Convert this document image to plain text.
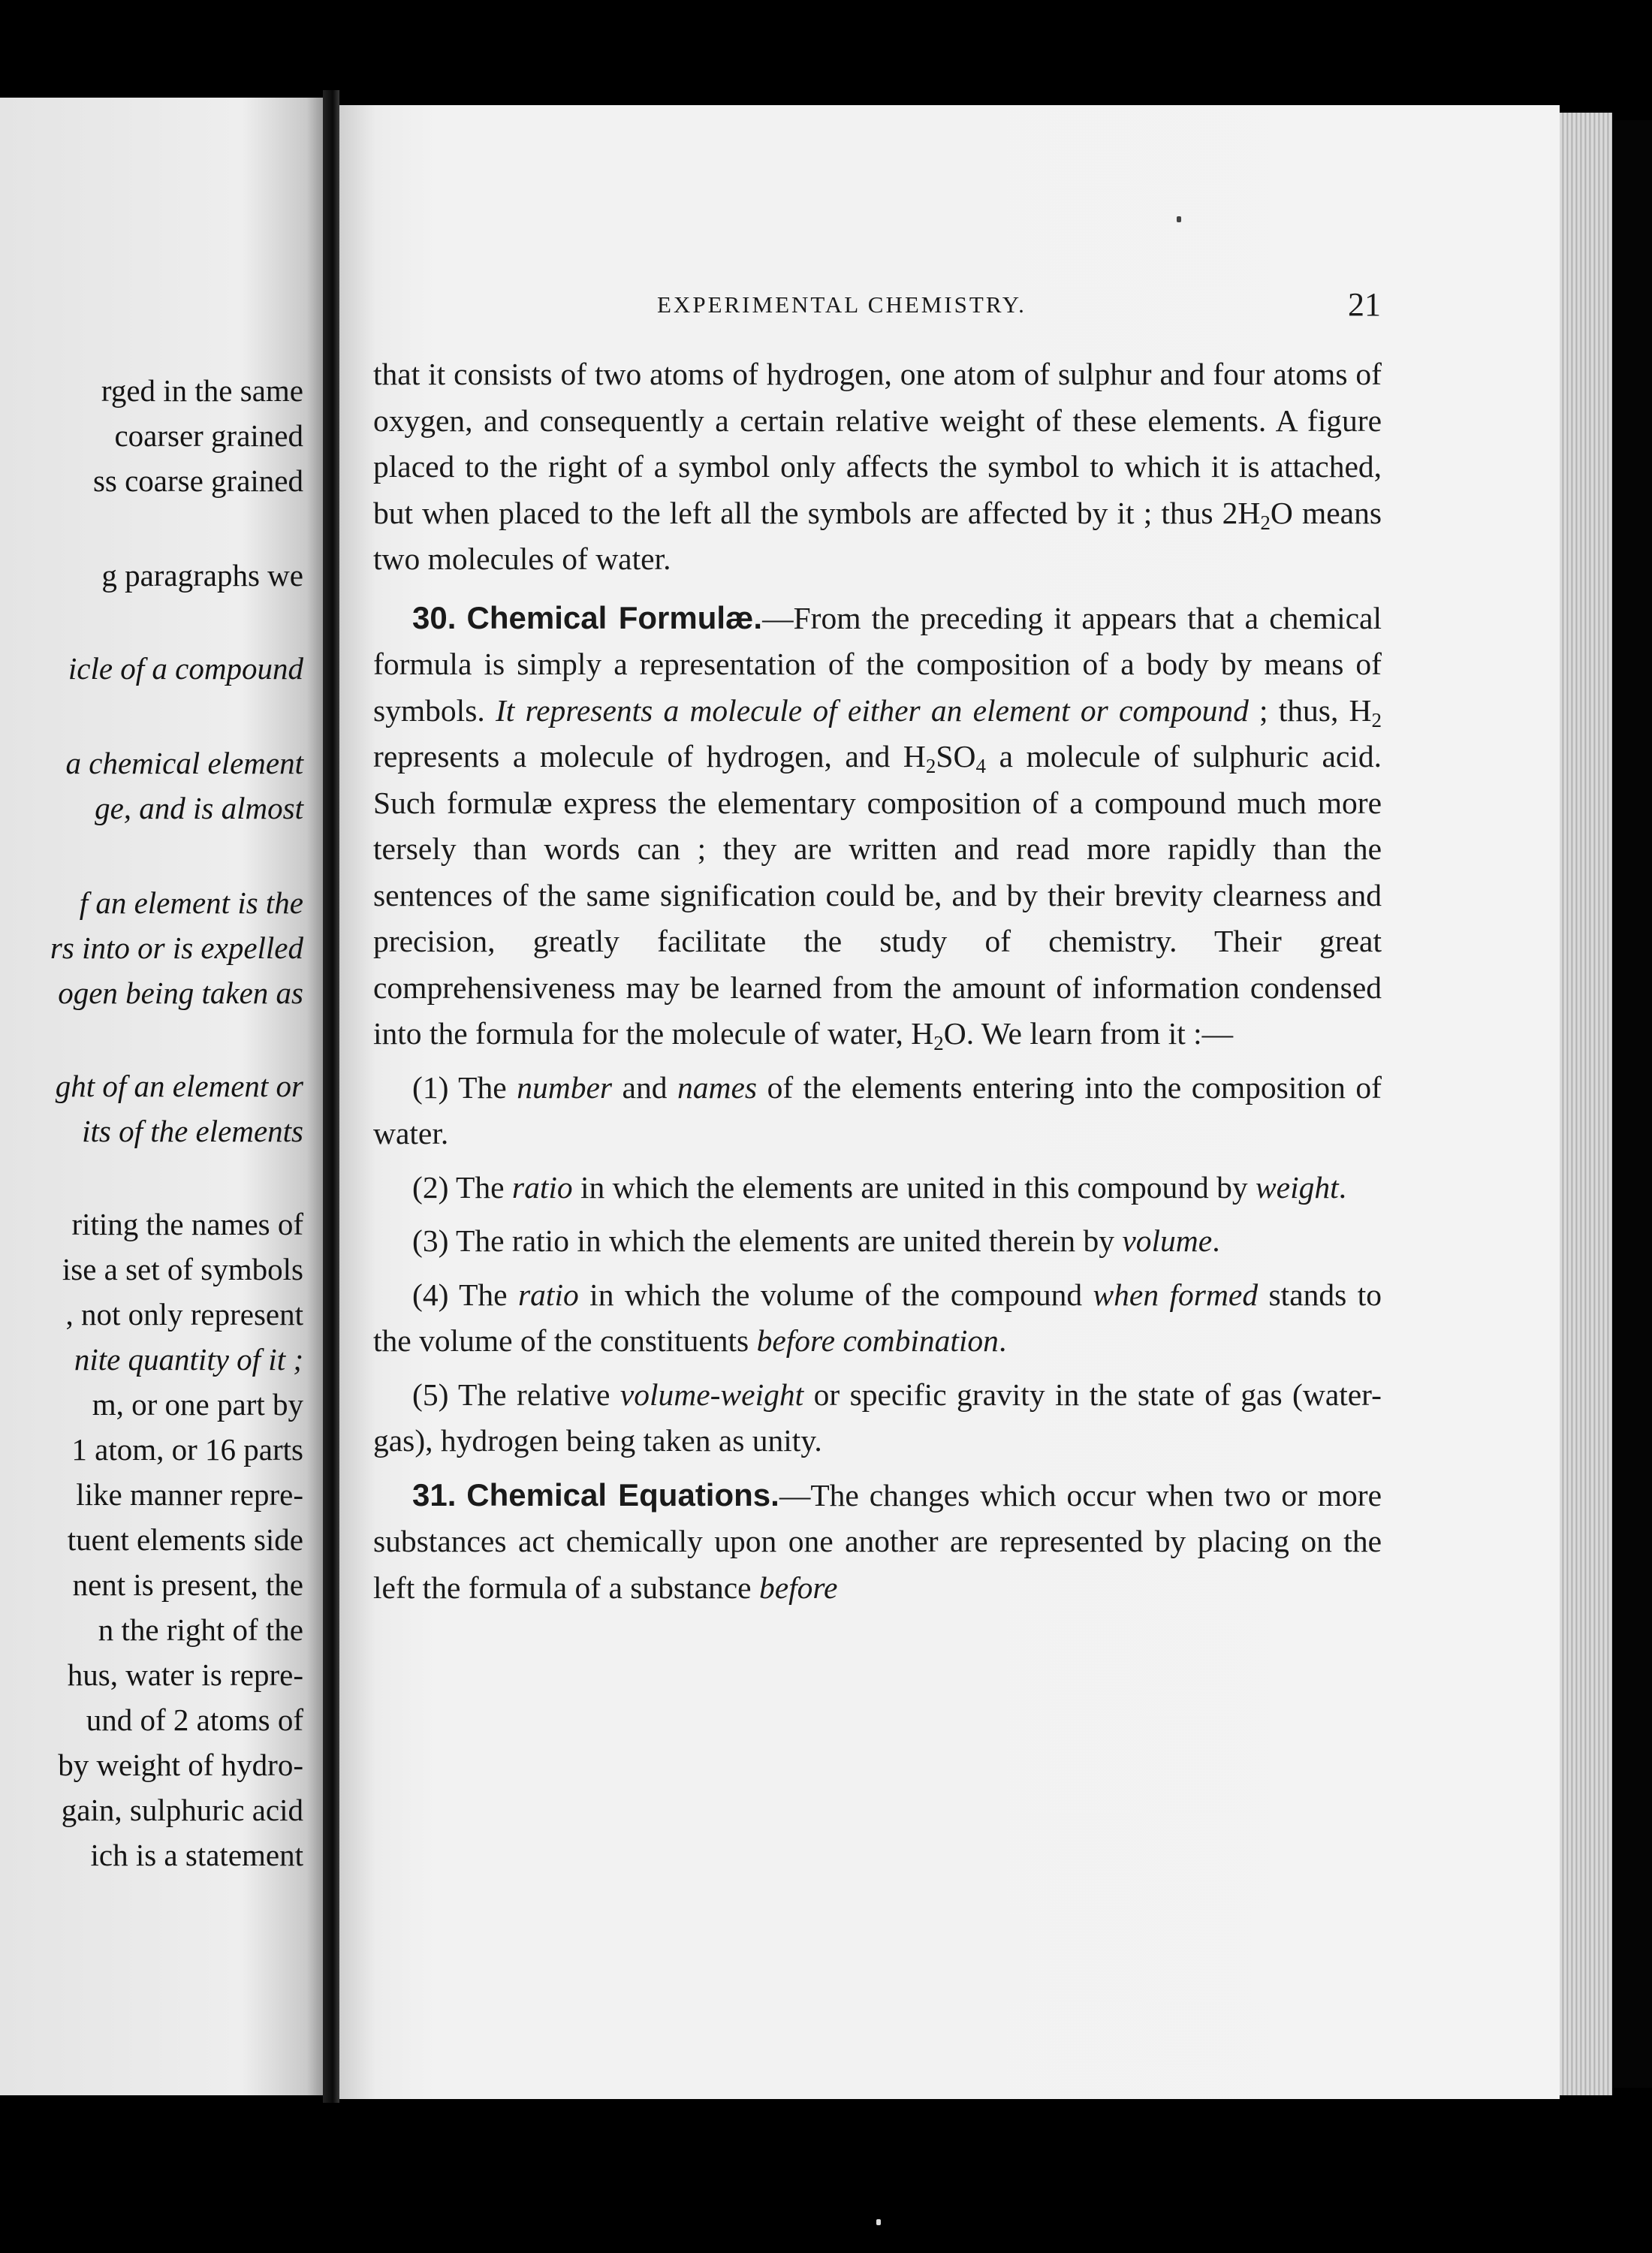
rged in the same
coarser grained
ss coarse grained
g paragraphs we
icle of a compound
a chemical element
ge, and is almost
f an element is the
rs into or is expelled
ogen being taken as
ght of an element or
its of the elements
riting the names of
ise a set of symbols
, not only represent
nite quantity of it ;
m, or one part by
1 atom, or 16 parts
like manner repre-
tuent elements side
nent is present, the
n the right of the
hus, water is repre-
und of 2 atoms of
by weight of hydro-
gain, sulphuric acid
ich is a statement
EXPERIMENTAL CHEMISTRY.	21

that it consists of two atoms of hydrogen, one atom of sulphur and four atoms of oxygen, and consequently a certain relative weight of these elements. A figure placed to the right of a symbol only affects the symbol to which it is attached, but when placed to the left all the symbols are affected by it ; thus $2H_2O$ means two molecules of water.

30. Chemical Formulæ.—From the preceding it appears that a chemical formula is simply a representation of the composition of a body by means of symbols. It represents a molecule of either an element or compound ; thus, $H_2$ represents a molecule of hydrogen, and $H_2SO_4$ a molecule of sulphuric acid. Such formulæ express the elementary composition of a compound much more tersely than words can ; they are written and read more rapidly than the sentences of the same signification could be, and by their brevity clearness and precision, greatly facilitate the study of chemistry. Their great comprehensiveness may be learned from the amount of information condensed into the formula for the molecule of water, $H_2O$. We learn from it :—

(1) The number and names of the elements entering into the composition of water.

(2) The ratio in which the elements are united in this compound by weight.

(3) The ratio in which the elements are united therein by volume.

(4) The ratio in which the volume of the compound when formed stands to the volume of the constituents before combination.

(5) The relative volume-weight or specific gravity in the state of gas (water-gas), hydrogen being taken as unity.

31. Chemical Equations.—The changes which occur when two or more substances act chemically upon one another are represented by placing on the left the formula of a substance before
